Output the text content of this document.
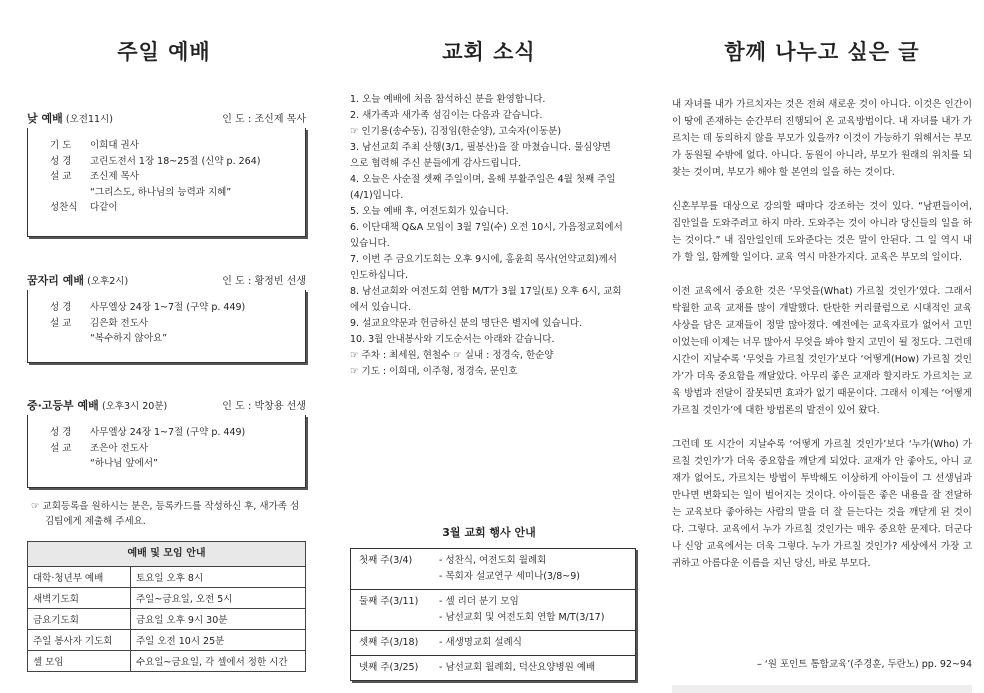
주일 예배
낮 예배 (오전11시)	인 도 : 조신제 목사
기 도	이희대 권사
성 경	고린도전서 1장 18~25절 (신약 p. 264)
설 교	조신제 목사
“그리스도, 하나님의 능력과 지혜”
성찬식	다같이
꿈자리 예배 (오후2시)	인 도 : 황정빈 선생
성 경	사무엘상 24장 1~7절 (구약 p. 449)
설 교	김은화 전도사
“복수하지 않아요”
중·고등부 예배 (오후3시 20분)	인 도 : 박창용 선생
성 경	사무엘상 24장 1~7절 (구약 p. 449)
설 교	조은아 전도사
“하나님 앞에서”
☞ 교회등록을 원하시는 분은, 등록카드를 작성하신 후, 새가족 섬김팀에게 제출해 주세요.
예배 및 모임 안내
대학·청년부 예배	토요일 오후 8시
새벽기도회	주일~금요일, 오전 5시
금요기도회	금요일 오후 9시 30분
주일 봉사자 기도회	주일 오전 10시 25분
셀 모임	수요일~금요일, 각 셀에서 정한 시간
교회 소식
1. 오늘 예배에 처음 참석하신 분을 환영합니다.
2. 새가족과 새가족 섬김이는 다음과 같습니다.
☞ 인기용(송수동), 김정임(한순양), 고숙자(이동분)
3. 남선교회 주최 산행(3/1, 필봉산)을 잘 마쳤습니다. 물심양면
으로 협력해 주신 분들에게 감사드립니다.
4. 오늘은 사순절 셋째 주일이며, 올해 부활주일은 4월 첫째 주일
(4/1)입니다.
5. 오늘 예배 후, 여전도회가 있습니다.
6. 이단대책 Q&A 모임이 3월 7일(수) 오전 10시, 가음정교회에서
있습니다.
7. 이번 주 금요기도회는 오후 9시에, 홍윤희 목사(언약교회)께서
인도하십니다.
8. 남선교회와 여전도회 연합 M/T가 3월 17일(토) 오후 6시, 교회
에서 있습니다.
9. 설교요약문과 헌금하신 분의 명단은 별지에 있습니다.
10. 3월 안내봉사와 기도순서는 아래와 같습니다.
☞ 주차 : 최세원, 현철수 ☞ 실내 : 정경숙, 한순양
☞ 기도 : 이희대, 이주형, 정경숙, 문인호
3월 교회 행사 안내
첫째 주(3/4)	- 성찬식, 여전도회 월례회
- 목회자 설교연구 세미나(3/8~9)
둘째 주(3/11)	- 셀 리더 분기 모임
- 남선교회 및 여전도회 연합 M/T(3/17)
셋째 주(3/18)	- 새생명교회 설례식
넷째 주(3/25)	- 남선교회 월례회, 덕산요양병원 예배
함께 나누고 싶은 글

내 자녀를 내가 가르치자는 것은 전혀 새로운 것이 아니다. 이것은 인간이 이 땅에 존재하는 순간부터 진행되어 온 교육방법이다. 내 자녀를 내가 가르치는 데 동의하지 않을 부모가 있을까? 이것이 가능하기 위해서는 부모가 동원될 수밖에 없다. 아니다. 동원이 아니라, 부모가 원래의 위치를 되찾는 것이며, 부모가 해야 할 본연의 일을 하는 것이다.

신혼부부를 대상으로 강의할 때마다 강조하는 것이 있다. “남편들이여, 집안일을 도와주려고 하지 마라. 도와주는 것이 아니라 당신들의 일을 하는 것이다.” 내 집안일인데 도와준다는 것은 말이 안된다. 그 일 역시 내가 할 일, 함께할 일이다. 교육 역시 마찬가지다. 교육은 부모의 일이다.

이전 교육에서 중요한 것은 ‘무엇을(What) 가르칠 것인가’였다. 그래서 탁월한 교육 교재를 많이 개발했다. 탄탄한 커리큘럼으로 시대적인 교육 사상을 담은 교재들이 정말 많아졌다. 예전에는 교육자료가 없어서 고민이었는데 이제는 너무 많아서 무엇을 봐야 할지 고민이 될 정도다. 그런데 시간이 지날수록 ‘무엇을 가르칠 것인가’보다 ‘어떻게(How) 가르칠 것인가’가 더욱 중요함을 깨달았다. 아무리 좋은 교재라 할지라도 가르치는 교육 방법과 전달이 잘못되면 효과가 없기 때문이다. 그래서 이제는 ‘어떻게 가르칠 것인가’에 대한 방법론의 발전이 있어 왔다.

그런데 또 시간이 지날수록 ‘어떻게 가르칠 것인가’보다 ‘누가(Who) 가르칠 것인가’가 더욱 중요함을 깨닫게 되었다. 교재가 안 좋아도, 아니 교재가 없어도, 가르치는 방법이 투박해도 이상하게 아이들이 그 선생님과 만나면 변화되는 일이 벌어지는 것이다. 아이들은 좋은 내용을 잘 전달하는 교육보다 좋아하는 사람의 말을 더 잘 듣는다는 것을 깨닫게 된 것이다. 그렇다. 교육에서 누가 가르칠 것인가는 매우 중요한 문제다. 더군다나 신앙 교육에서는 더욱 그렇다. 누가 가르칠 것인가? 세상에서 가장 고귀하고 아름다운 이름을 지닌 당신, 바로 부모다.

– ‘원 포인트 통합교육’(주경훈, 두란노) pp. 92~94
